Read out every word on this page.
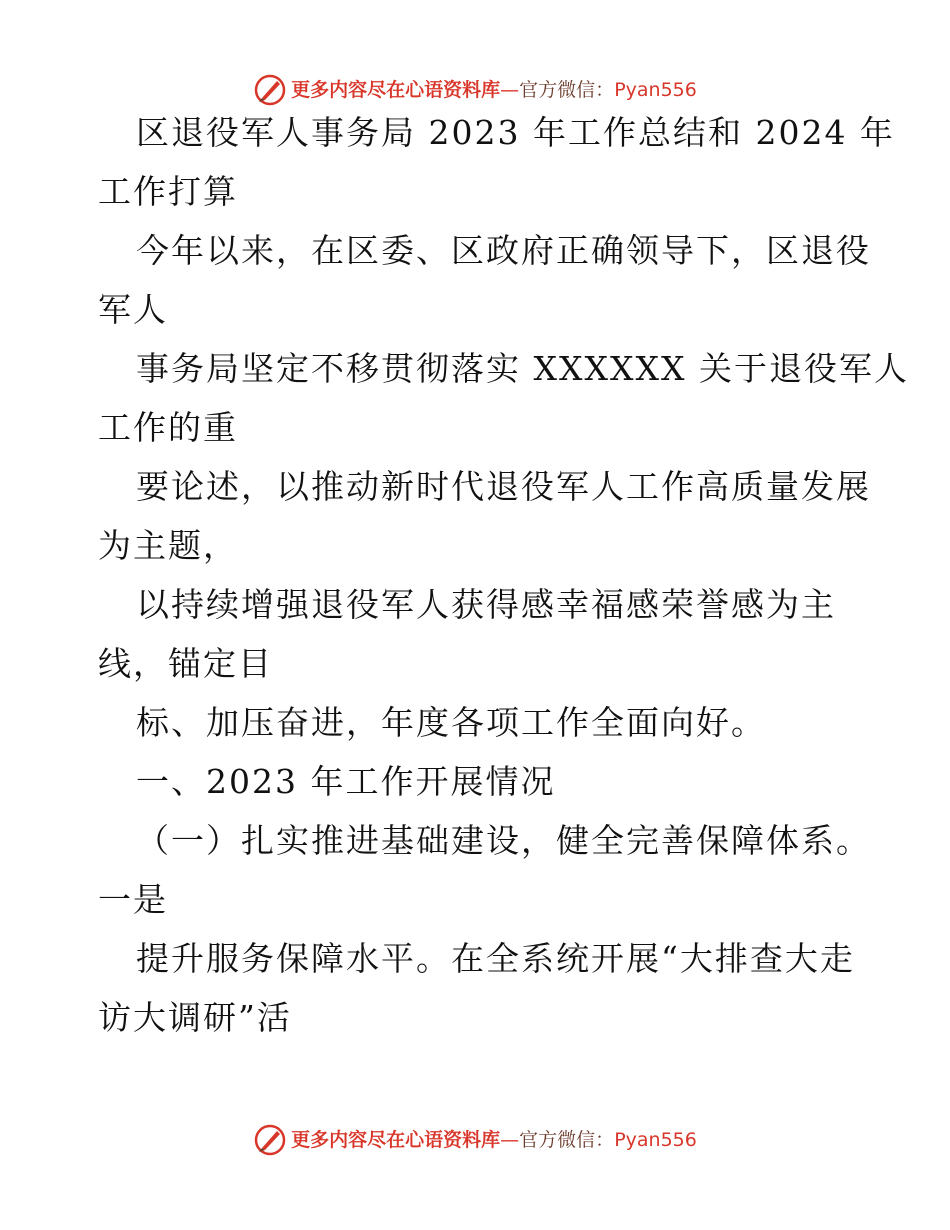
更多内容尽在心语资料库 — 官方微信： Pyan556
区退役军人事务局 2023 年工作总结和 2024 年
工作打算
今年以来，在区委、区政府正确领导下，区退役
军人
事务局坚定不移贯彻落实 XXXXXX 关于退役军人
工作的重
要论述，以推动新时代退役军人工作高质量发展
为主题，
以持续增强退役军人获得感幸福感荣誉感为主
线，锚定目
标、加压奋进，年度各项工作全面向好。
一、2023 年工作开展情况
（一）扎实推进基础建设，健全完善保障体系。
一是
提升服务保障水平。在全系统开展“大排查大走
访大调研”活
更多内容尽在心语资料库 — 官方微信： Pyan556
